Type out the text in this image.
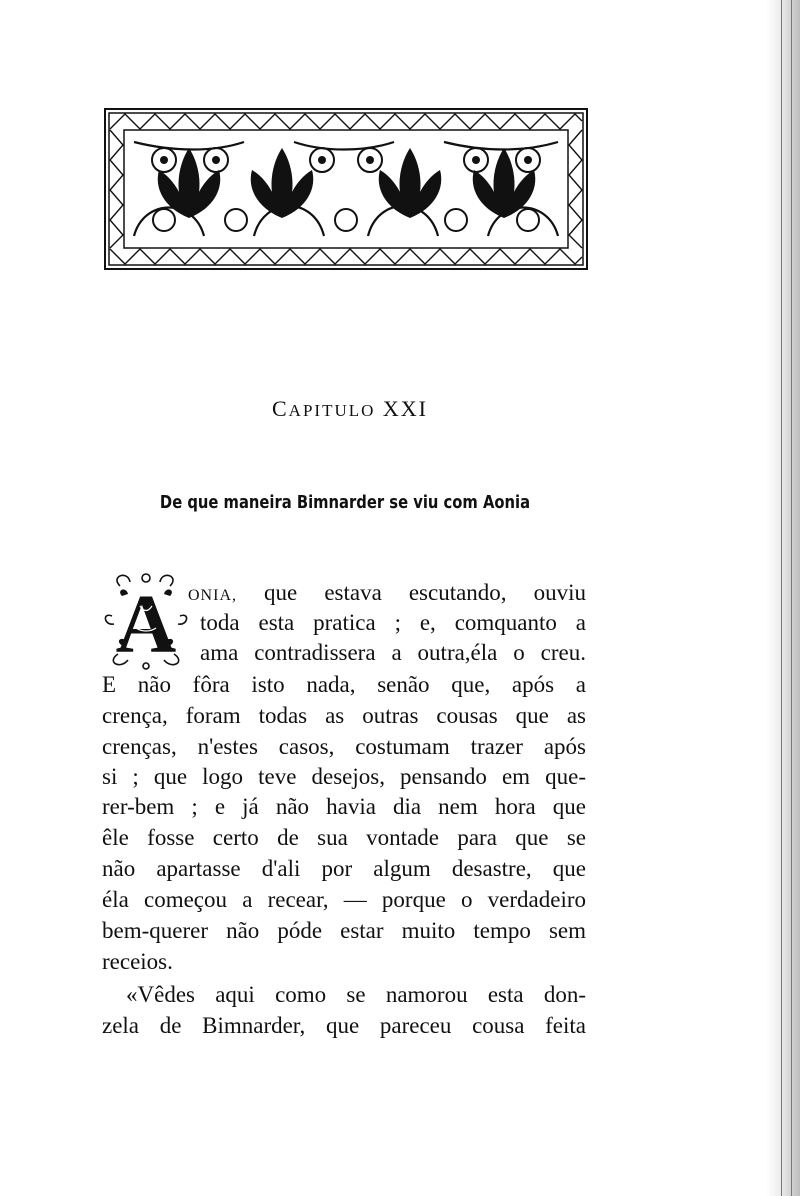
CAPITULO XXI
De que maneira Bimnarder se viu com Aonia
A ONIA, que estava escutando, ouviu
toda esta pratica ; e, comquanto a
ama contradissera a outra,éla o creu.
E não fôra isto nada, senão que, após a
crença, foram todas as outras cousas que as
crenças, n'estes casos, costumam trazer após
si ; que logo teve desejos, pensando em que-
rer-bem ; e já não havia dia nem hora que
êle fosse certo de sua vontade para que se
não apartasse d'ali por algum desastre, que
éla começou a recear, — porque o verdadeiro
bem-querer não póde estar muito tempo sem
receios.
«Vêdes aqui como se namorou esta don-
zela de Bimnarder, que pareceu cousa feita
